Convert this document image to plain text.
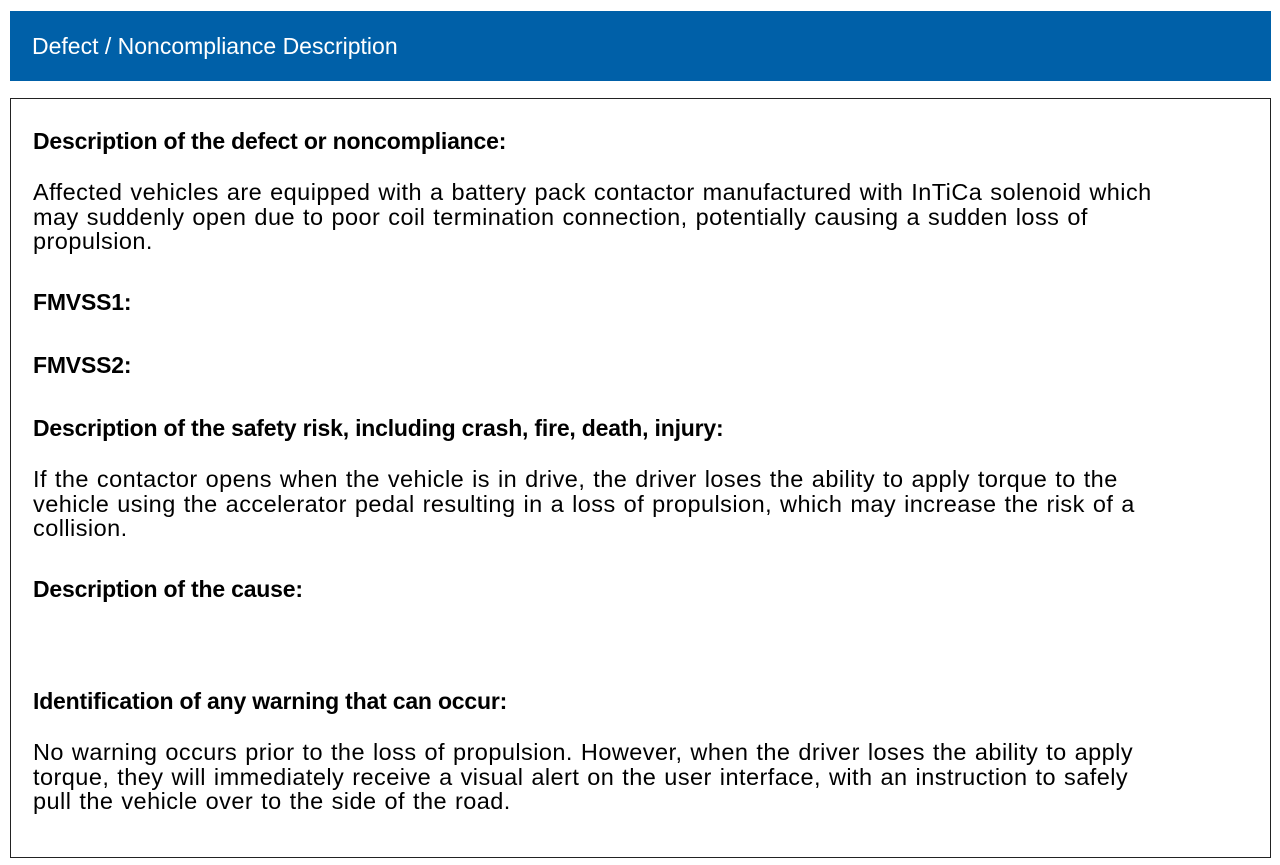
Defect / Noncompliance Description
Description of the defect or noncompliance:
Affected vehicles are equipped with a battery pack contactor manufactured with InTiCa solenoid which
may suddenly open due to poor coil termination connection, potentially causing a sudden loss of
propulsion.
FMVSS1:
FMVSS2:
Description of the safety risk, including crash, fire, death, injury:
If the contactor opens when the vehicle is in drive, the driver loses the ability to apply torque to the
vehicle using the accelerator pedal resulting in a loss of propulsion, which may increase the risk of a
collision.
Description of the cause:
Identification of any warning that can occur:
No warning occurs prior to the loss of propulsion. However, when the driver loses the ability to apply
torque, they will immediately receive a visual alert on the user interface, with an instruction to safely
pull the vehicle over to the side of the road.
